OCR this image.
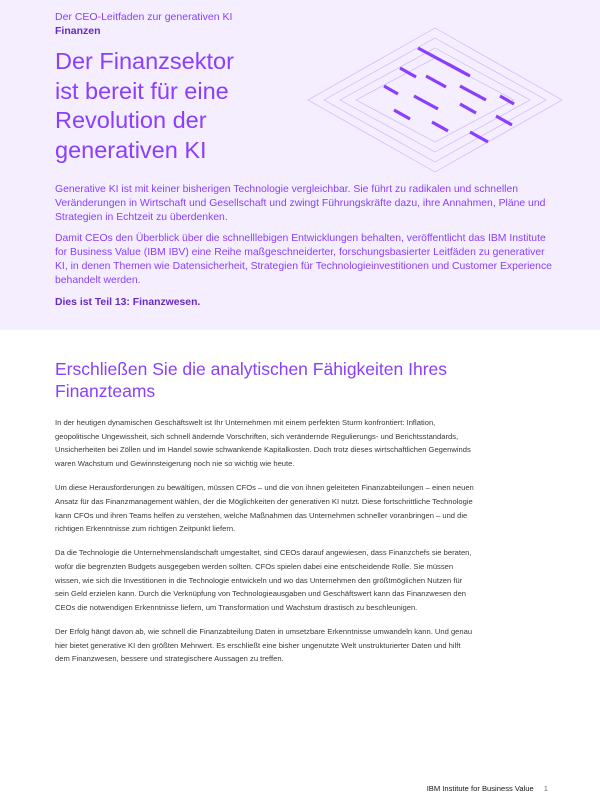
Der CEO-Leitfaden zur generativen KI
Finanzen
Der Finanzsektor
ist bereit für eine
Revolution der
generativen KI

Generative KI ist mit keiner bisherigen Technologie vergleichbar. Sie führt zu radikalen und schnellen Veränderungen in Wirtschaft und Gesellschaft und zwingt Führungskräfte dazu, ihre Annahmen, Pläne und Strategien in Echtzeit zu überdenken.

Damit CEOs den Überblick über die schnelllebigen Entwicklungen behalten, veröffentlicht das IBM Institute for Business Value (IBM IBV) eine Reihe maßgeschneiderter, forschungsbasierter Leitfäden zu generativer KI, in denen Themen wie Datensicherheit, Strategien für Technologieinvestitionen und Customer Experience behandelt werden.

Dies ist Teil 13: Finanzwesen.

Erschließen Sie die analytischen Fähigkeiten Ihres Finanzteams

In der heutigen dynamischen Geschäftswelt ist Ihr Unternehmen mit einem perfekten Sturm konfrontiert: Inflation, geopolitische Ungewissheit, sich schnell ändernde Vorschriften, sich verändernde Regulierungs- und Berichtsstandards, Unsicherheiten bei Zöllen und im Handel sowie schwankende Kapitalkosten. Doch trotz dieses wirtschaftlichen Gegenwinds waren Wachstum und Gewinnsteigerung noch nie so wichtig wie heute.

Um diese Herausforderungen zu bewältigen, müssen CFOs – und die von ihnen geleiteten Finanzabteilungen – einen neuen Ansatz für das Finanzmanagement wählen, der die Möglichkeiten der generativen KI nutzt. Diese fortschrittliche Technologie kann CFOs und ihren Teams helfen zu verstehen, welche Maßnahmen das Unternehmen schneller voranbringen – und die richtigen Erkenntnisse zum richtigen Zeitpunkt liefern.

Da die Technologie die Unternehmenslandschaft umgestaltet, sind CEOs darauf angewiesen, dass Finanzchefs sie beraten, wofür die begrenzten Budgets ausgegeben werden sollten. CFOs spielen dabei eine entscheidende Rolle. Sie müssen wissen, wie sich die Investitionen in die Technologie entwickeln und wo das Unternehmen den größtmöglichen Nutzen für sein Geld erzielen kann. Durch die Verknüpfung von Technologieausgaben und Geschäftswert kann das Finanzwesen den CEOs die notwendigen Erkenntnisse liefern, um Transformation und Wachstum drastisch zu beschleunigen.

Der Erfolg hängt davon ab, wie schnell die Finanzabteilung Daten in umsetzbare Erkenntnisse umwandeln kann. Und genau hier bietet generative KI den größten Mehrwert. Es erschließt eine bisher ungenutzte Welt unstrukturierter Daten und hilft dem Finanzwesen, bessere und strategischere Aussagen zu treffen.

IBM Institute for Business Value 1
